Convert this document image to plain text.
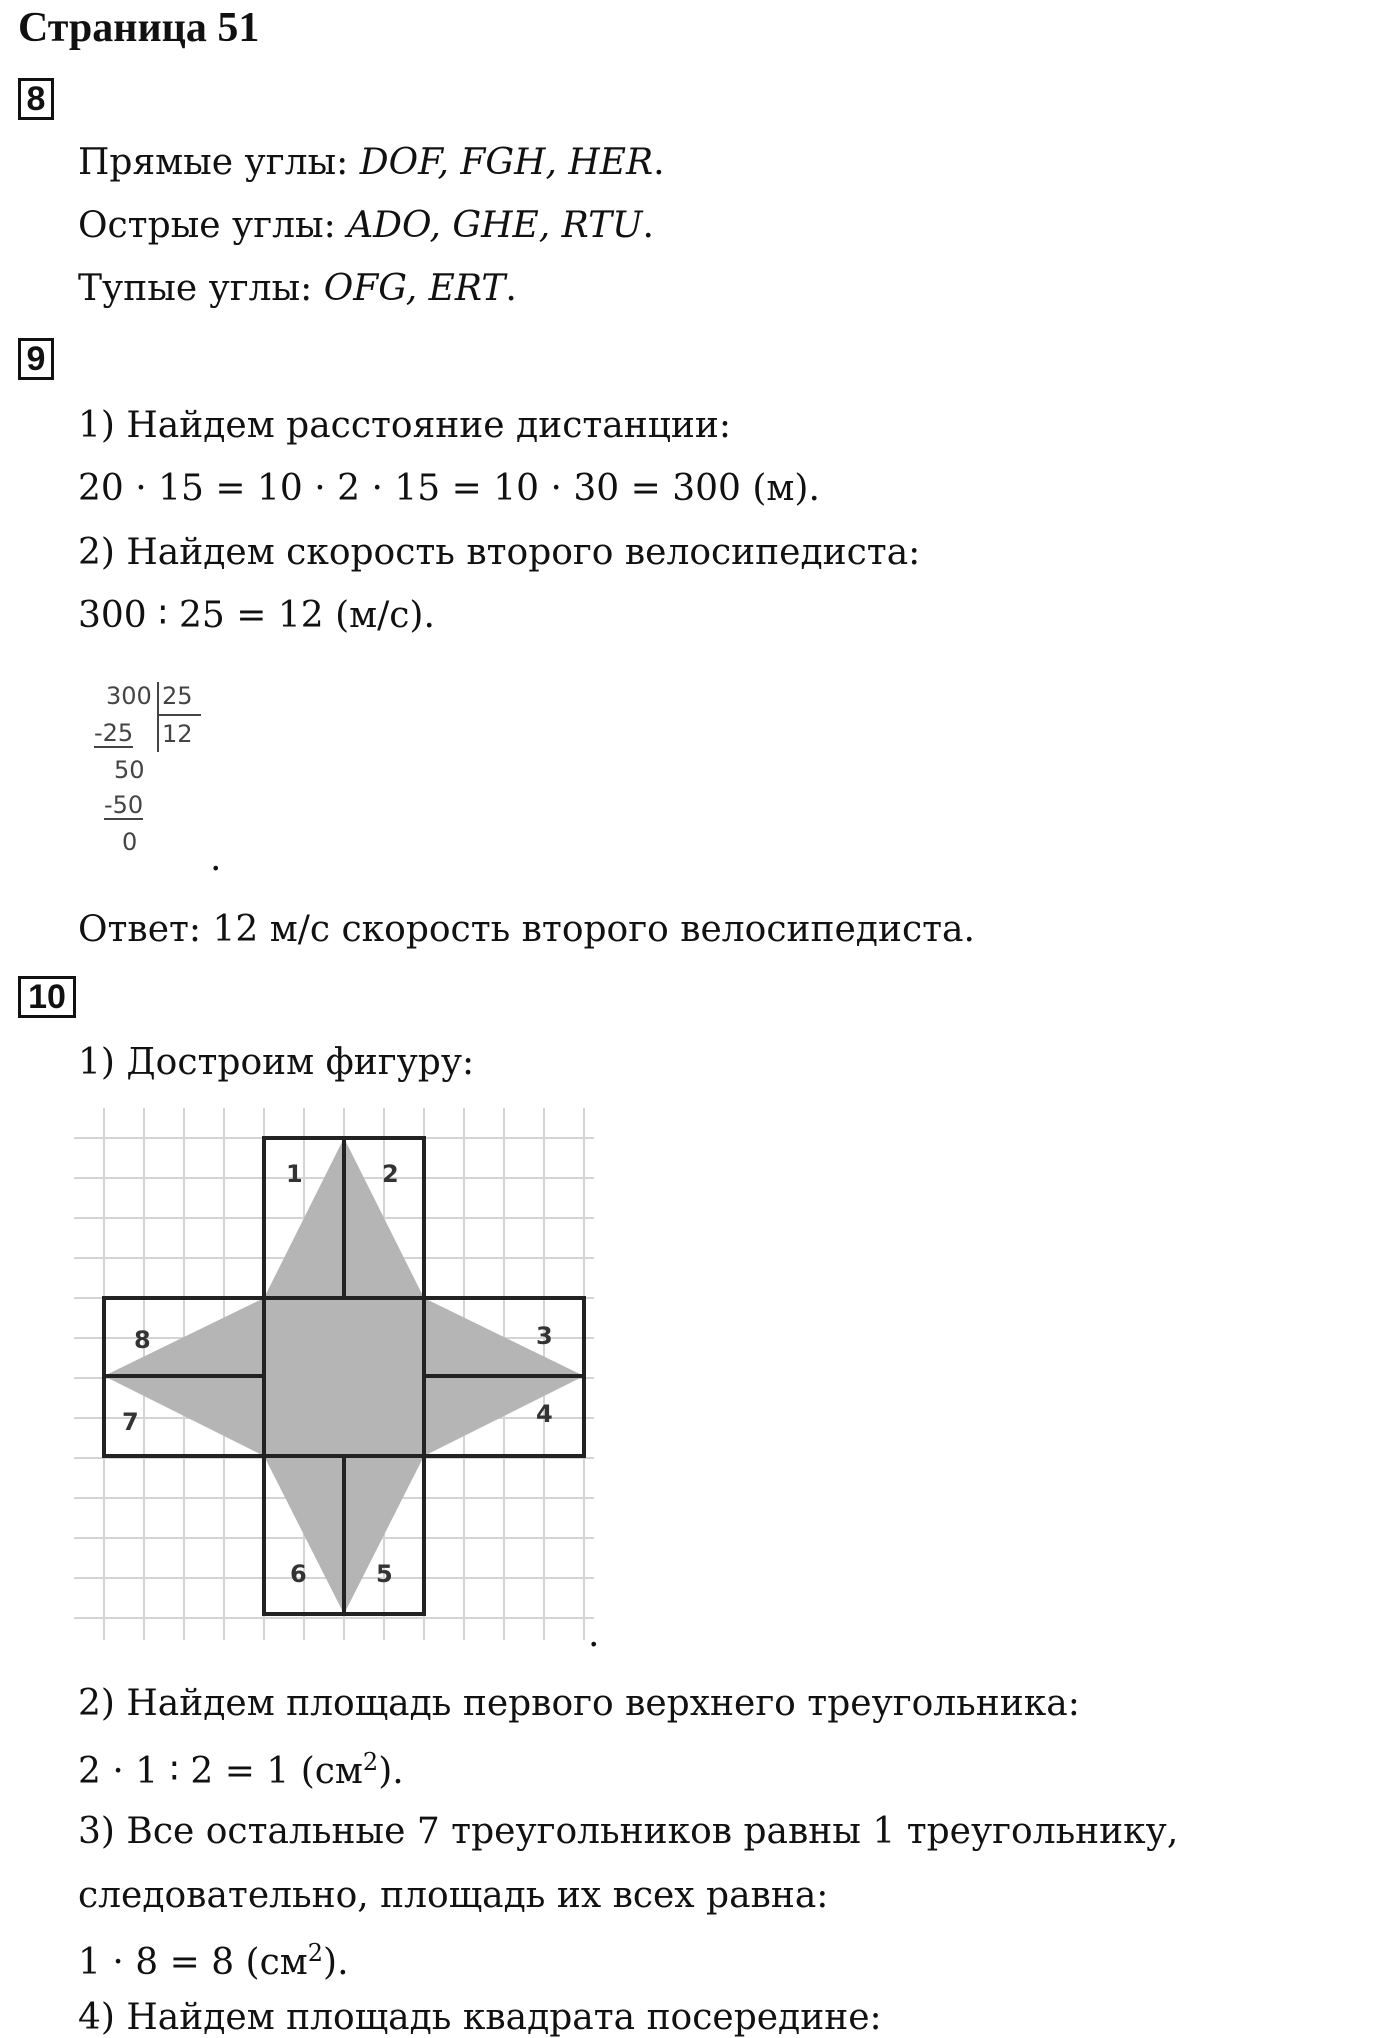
Страница 51
8
Прямые углы: DOF, FGH, HER.
Острые углы: ADO, GHE, RTU.
Тупые углы: OFG, ERT.
9
1) Найдем расстояние дистанции:
20 · 15 = 10 · 2 · 15 = 10 · 30 = 300 (м).
2) Найдем скорость второго велосипедиста:
300 ∶ 25 = 12 (м/с).
300 25
12
-25
50
-50
0 .
Ответ: 12 м/с скорость второго велосипедиста.
10
1) Достроим фигуру:
1	2
3
4
5
6
7
8
.
2) Найдем площадь первого верхнего треугольника:
2 · 1 ∶ 2 = 1 $(см^2)$.
3) Все остальные 7 треугольников равны 1 треугольнику,
следовательно, площадь их всех равна:
1 · 8 = 8 $(см^2)$.
4) Найдем площадь квадрата посередине:
